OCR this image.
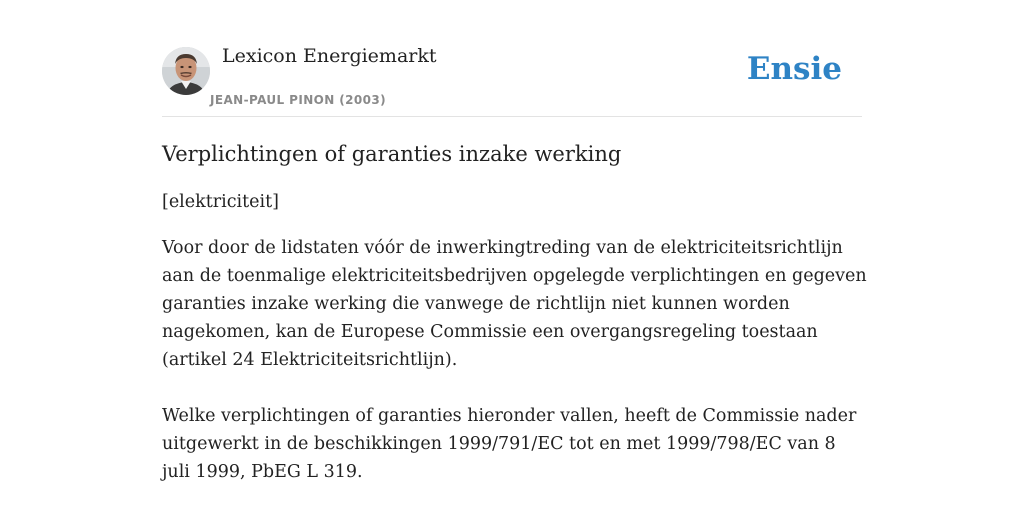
Lexicon Energiemarkt
JEAN-PAUL PINON (2003)
Ensie
Verplichtingen of garanties inzake werking

[elektriciteit]

Voor door de lidstaten vóór de inwerkingtreding van de elektriciteitsrichtlijn aan de toenmalige elektriciteitsbedrijven opgelegde verplichtingen en gegeven garanties inzake werking die vanwege de richtlijn niet kunnen worden nagekomen, kan de Europese Commissie een overgangsregeling toestaan (artikel 24 Elektriciteitsrichtlijn).

Welke verplichtingen of garanties hieronder vallen, heeft de Commissie nader uitgewerkt in de beschikkingen 1999/791/EC tot en met 1999/798/EC van 8 juli 1999, PbEG L 319.
